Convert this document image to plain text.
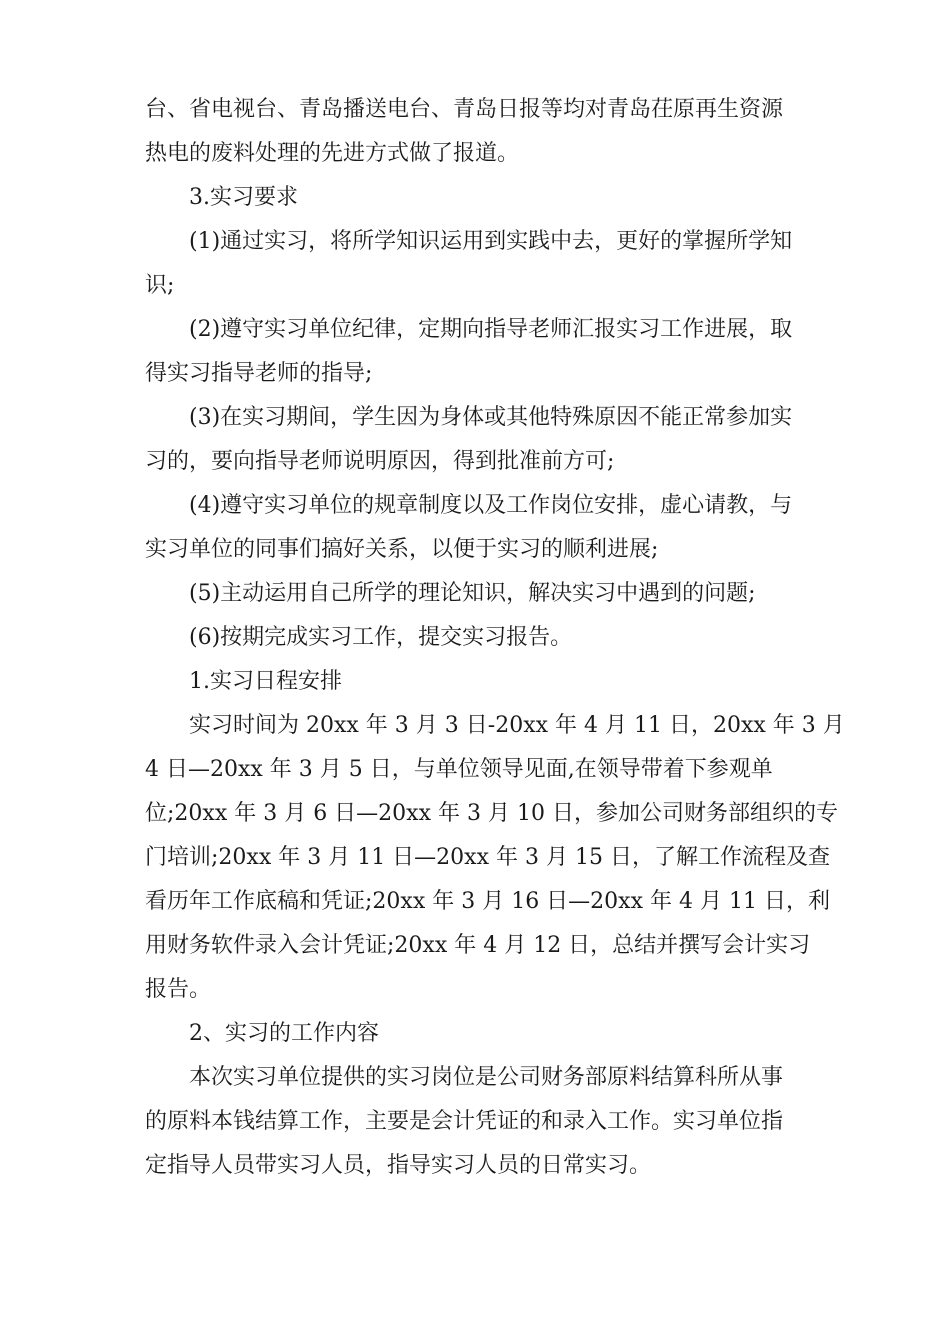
台、省电视台、青岛播送电台、青岛日报等均对青岛茌原再生资源
热电的废料处理的先进方式做了报道。
3.实习要求
(1)通过实习，将所学知识运用到实践中去，更好的掌握所学知
识;
(2)遵守实习单位纪律，定期向指导老师汇报实习工作进展，取
得实习指导老师的指导;
(3)在实习期间，学生因为身体或其他特殊原因不能正常参加实
习的，要向指导老师说明原因，得到批准前方可;
(4)遵守实习单位的规章制度以及工作岗位安排，虚心请教，与
实习单位的同事们搞好关系，以便于实习的顺利进展;
(5)主动运用自己所学的理论知识，解决实习中遇到的问题;
(6)按期完成实习工作，提交实习报告。
1.实习日程安排
实习时间为 20xx 年 3 月 3 日-20xx 年 4 月 11 日，20xx 年 3 月
4 日—20xx 年 3 月 5 日，与单位领导见面,在领导带着下参观单
位;20xx 年 3 月 6 日—20xx 年 3 月 10 日，参加公司财务部组织的专
门培训;20xx 年 3 月 11 日—20xx 年 3 月 15 日，了解工作流程及查
看历年工作底稿和凭证;20xx 年 3 月 16 日—20xx 年 4 月 11 日，利
用财务软件录入会计凭证;20xx 年 4 月 12 日，总结并撰写会计实习
报告。
2、实习的工作内容
本次实习单位提供的实习岗位是公司财务部原料结算科所从事
的原料本钱结算工作，主要是会计凭证的和录入工作。实习单位指
定指导人员带实习人员，指导实习人员的日常实习。
